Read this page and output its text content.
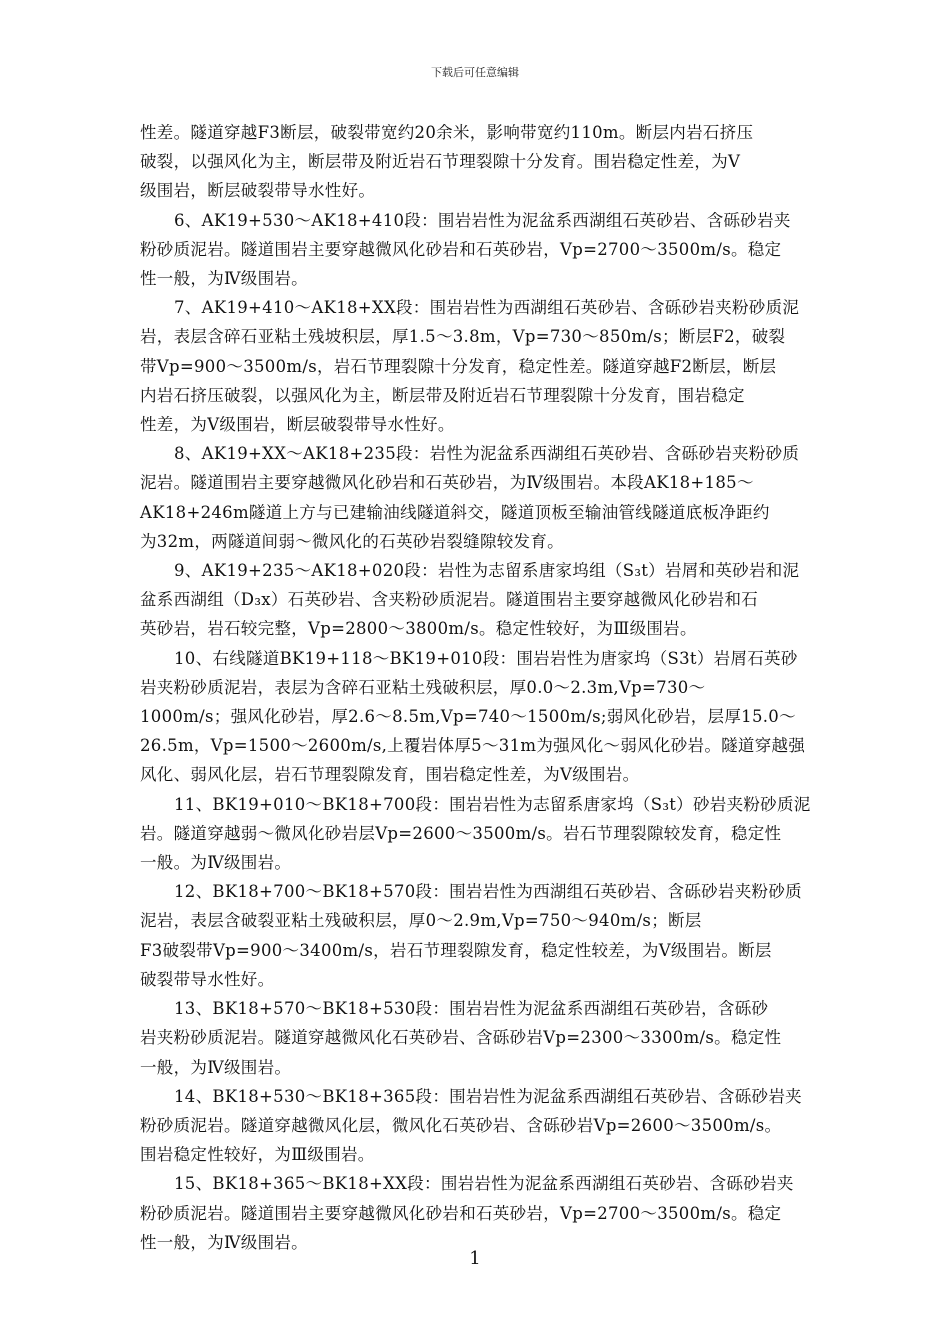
下载后可任意编辑

性差。隧道穿越F3断层，破裂带宽约20余米，影响带宽约110m。断层内岩石挤压
破裂，以强风化为主，断层带及附近岩石节理裂隙十分发育。围岩稳定性差，为Ⅴ
级围岩，断层破裂带导水性好。

6、AK19+530～AK18+410段：围岩岩性为泥盆系西湖组石英砂岩、含砾砂岩夹
粉砂质泥岩。隧道围岩主要穿越微风化砂岩和石英砂岩，Vp=2700～3500m/s。稳定
性一般，为Ⅳ级围岩。

7、AK19+410～AK18+XX段：围岩岩性为西湖组石英砂岩、含砾砂岩夹粉砂质泥
岩，表层含碎石亚粘土残坡积层，厚1.5～3.8m，Vp=730～850m/s；断层F2，破裂
带Vp=900～3500m/s，岩石节理裂隙十分发育，稳定性差。隧道穿越F2断层，断层
内岩石挤压破裂，以强风化为主，断层带及附近岩石节理裂隙十分发育，围岩稳定
性差，为Ⅴ级围岩，断层破裂带导水性好。

8、AK19+XX～AK18+235段：岩性为泥盆系西湖组石英砂岩、含砾砂岩夹粉砂质
泥岩。隧道围岩主要穿越微风化砂岩和石英砂岩，为Ⅳ级围岩。本段AK18+185～
AK18+246m隧道上方与已建输油线隧道斜交，隧道顶板至输油管线隧道底板净距约
为32m，两隧道间弱～微风化的石英砂岩裂缝隙较发育。

9、AK19+235～AK18+020段：岩性为志留系唐家坞组（S₃t）岩屑和英砂岩和泥
盆系西湖组（D₃x）石英砂岩、含夹粉砂质泥岩。隧道围岩主要穿越微风化砂岩和石
英砂岩，岩石较完整，Vp=2800～3800m/s。稳定性较好，为Ⅲ级围岩。

10、右线隧道BK19+118～BK19+010段：围岩岩性为唐家坞（S3t）岩屑石英砂
岩夹粉砂质泥岩，表层为含碎石亚粘土残破积层，厚0.0～2.3m,Vp=730～
1000m/s；强风化砂岩，厚2.6～8.5m,Vp=740～1500m/s;弱风化砂岩，层厚15.0～
26.5m，Vp=1500～2600m/s,上覆岩体厚5～31m为强风化～弱风化砂岩。隧道穿越强
风化、弱风化层，岩石节理裂隙发育，围岩稳定性差，为Ⅴ级围岩。

11、BK19+010～BK18+700段：围岩岩性为志留系唐家坞（S₃t）砂岩夹粉砂质泥
岩。隧道穿越弱～微风化砂岩层Vp=2600～3500m/s。岩石节理裂隙较发育，稳定性
一般。为Ⅳ级围岩。

12、BK18+700～BK18+570段：围岩岩性为西湖组石英砂岩、含砾砂岩夹粉砂质
泥岩，表层含破裂亚粘土残破积层，厚0～2.9m,Vp=750～940m/s；断层
F3破裂带Vp=900～3400m/s，岩石节理裂隙发育，稳定性较差，为Ⅴ级围岩。断层
破裂带导水性好。

13、BK18+570～BK18+530段：围岩岩性为泥盆系西湖组石英砂岩，含砾砂
岩夹粉砂质泥岩。隧道穿越微风化石英砂岩、含砾砂岩Vp=2300～3300m/s。稳定性
一般，为Ⅳ级围岩。

14、BK18+530～BK18+365段：围岩岩性为泥盆系西湖组石英砂岩、含砾砂岩夹
粉砂质泥岩。隧道穿越微风化层，微风化石英砂岩、含砾砂岩Vp=2600～3500m/s。
围岩稳定性较好，为Ⅲ级围岩。

15、BK18+365～BK18+XX段：围岩岩性为泥盆系西湖组石英砂岩、含砾砂岩夹
粉砂质泥岩。隧道围岩主要穿越微风化砂岩和石英砂岩，Vp=2700～3500m/s。稳定
性一般，为Ⅳ级围岩。

1
